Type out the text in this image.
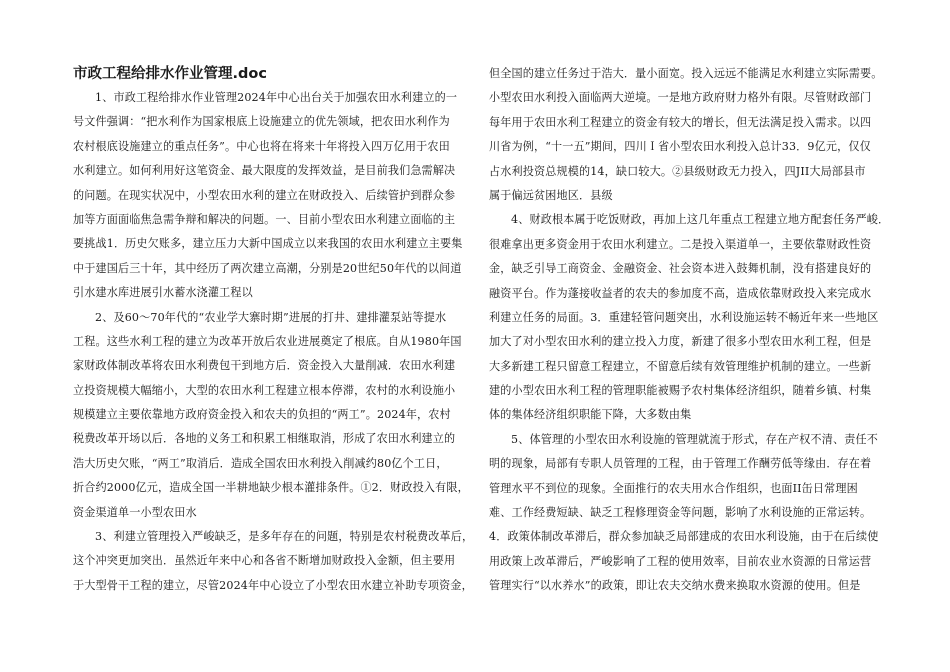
市政工程给排水作业管理.doc
1、市政工程给排水作业管理2024年中心出台关于加强农田水利建立的一
号文件强调：“把水利作为国家根底上设施建立的优先领域，把农田水利作为
农村根底设施建立的重点任务”。中心也将在将来十年将投入四万亿用于农田
水利建立。如何利用好这笔资金、最大限度的发挥效益，是目前我们急需解决
的问题。在现实状况中，小型农田水利的建立在财政投入、后续管护到群众参
加等方面面临焦急需争辩和解决的问题。一、目前小型农田水利建立面临的主
要挑战1．历史欠账多，建立压力大新中国成立以来我国的农田水利建立主要集
中于建国后三十年，其中经历了两次建立高潮，分别是20世纪50年代的以间道
引水建水库进展引水蓄水浇灌工程以
2、及60～70年代的“农业学大寨时期”进展的打井、建排灌泵站等提水
工程。这些水利工程的建立为改革开放后农业进展奠定了根底。自从1980年国
家财政体制改革将农田水利费包干到地方后．资金投入大量削减．农田水利建
立投资规模大幅缩小，大型的农田水利工程建立根本停滞，农村的水利设施小
规模建立主要依靠地方政府资金投入和农夫的负担的“两工”。2024年，农村
税费改革开场以后．各地的义务工和积累工相继取消，形成了农田水利建立的
浩大历史欠账，“两工”取消后．造成全国农田水利投入削减约80亿个工日，
折合约2000亿元，造成全国一半耕地缺少根本灌排条件。①2．财政投入有限，
资金渠道单一小型农田水
3、利建立管理投入严峻缺乏，是多年存在的问题，特别是农村税费改革后，
这个冲突更加突出．虽然近年来中心和各省不断增加财政投入金额，但主要用
于大型骨干工程的建立，尽管2024年中心设立了小型农田水建立补助专项资金，
但全国的建立任务过于浩大．量小面宽。投入远远不能满足水利建立实际需要。
小型农田水利投入面临两大逆境。一是地方政府财力格外有限。尽管财政部门
每年用于农田水利工程建立的资金有较大的增长，但无法满足投入需求。以四
川省为例，“十一五”期间，四川Ｉ省小型农田水利投入总计33．9亿元，仅仅
占水利投资总规模的14，缺口较大。②县级财政无力投入，四JII大局部县市
属于偏远贫困地区．县级
4、财政根本属于吃饭财政，再加上这几年重点工程建立地方配套任务严峻．
很难拿出更多资金用于农田水利建立。二是投入渠道单一，主要依靠财政性资
金，缺乏引导工商资金、金融资金、社会资本进入鼓舞机制，没有搭建良好的
融资平台。作为蓬接收益者的农夫的参加度不高，造成依靠财政投入来完成水
利建立任务的局面。3．重建轻管问题突出，水利设施运转不畅近年来一些地区
加大了对小型农田水利的建立投入力度，新建了很多小型农田水利工程，但是
大多新建工程只留意工程建立，不留意后续有效管理维护机制的建立。一些新
建的小型农田水利工程的管理职能被赐予农村集体经济组织，随着乡镇、村集
体的集体经济组织职能下降，大多数由集
5、体管理的小型农田水利设施的管理就流于形式，存在产权不清、责任不
明的现象，局部有专职人员管理的工程，由于管理工作酬劳低等缘由．存在着
管理水平不到位的现象。全面推行的农夫用水合作组织，也面II缶日常理困
难、工作经费短缺、缺乏工程修理资金等问题，影响了水利设施的正常运转。
4．政策体制改革滞后，群众参加缺乏局部建成的农田水利设施，由于在后续使
用政策上改革滞后，严峻影响了工程的使用效率，目前农业水资源的日常运营
管理实行“以水养水”的政策，即让农夫交纳水费来换取水资源的使用。但是
